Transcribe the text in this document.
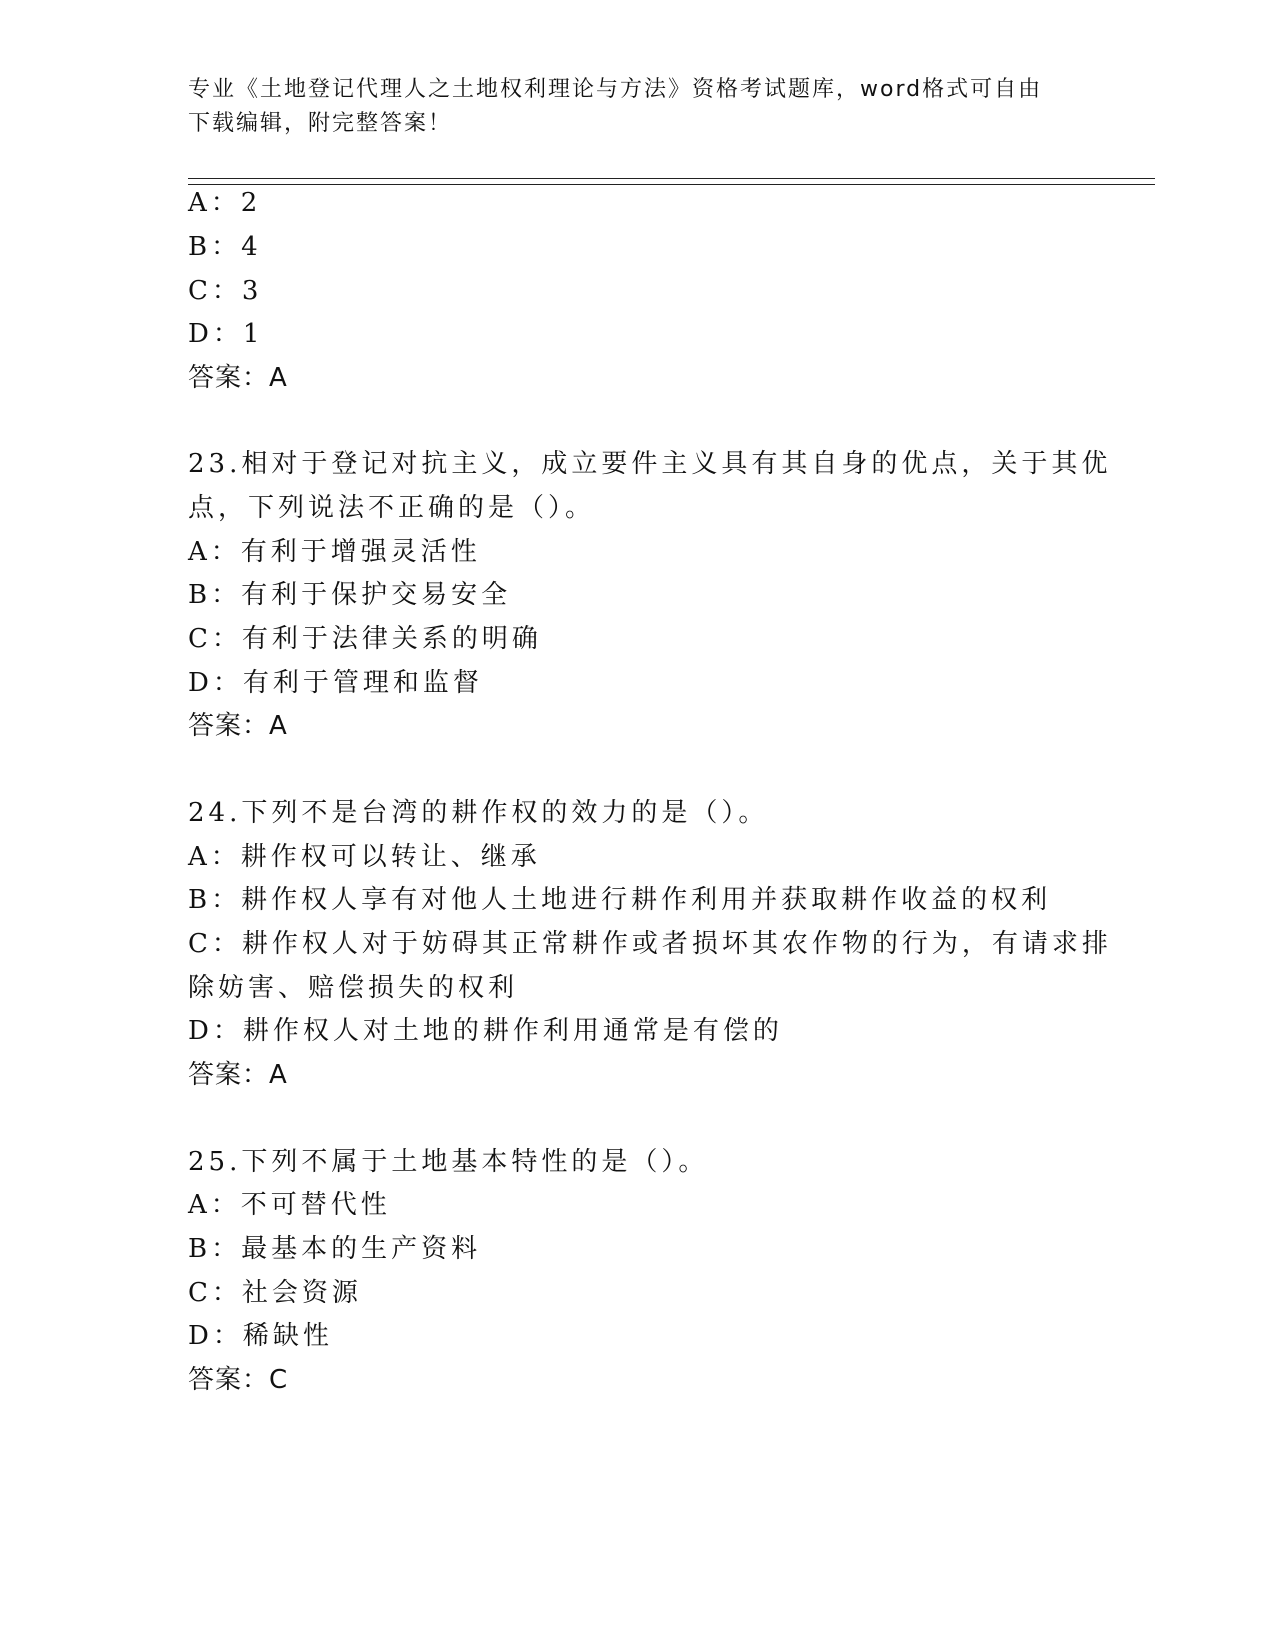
专业《土地登记代理人之土地权利理论与方法》资格考试题库，word格式可自由
下载编辑，附完整答案！
A：2
B：4
C：3
D：1
答案：A
23.相对于登记对抗主义，成立要件主义具有其自身的优点，关于其优
点，下列说法不正确的是（）。
A：有利于增强灵活性
B：有利于保护交易安全
C：有利于法律关系的明确
D：有利于管理和监督
答案：A
24.下列不是台湾的耕作权的效力的是（）。
A：耕作权可以转让、继承
B：耕作权人享有对他人土地进行耕作利用并获取耕作收益的权利
C：耕作权人对于妨碍其正常耕作或者损坏其农作物的行为，有请求排
除妨害、赔偿损失的权利
D：耕作权人对土地的耕作利用通常是有偿的
答案：A
25.下列不属于土地基本特性的是（）。
A：不可替代性
B：最基本的生产资料
C：社会资源
D：稀缺性
答案：C
